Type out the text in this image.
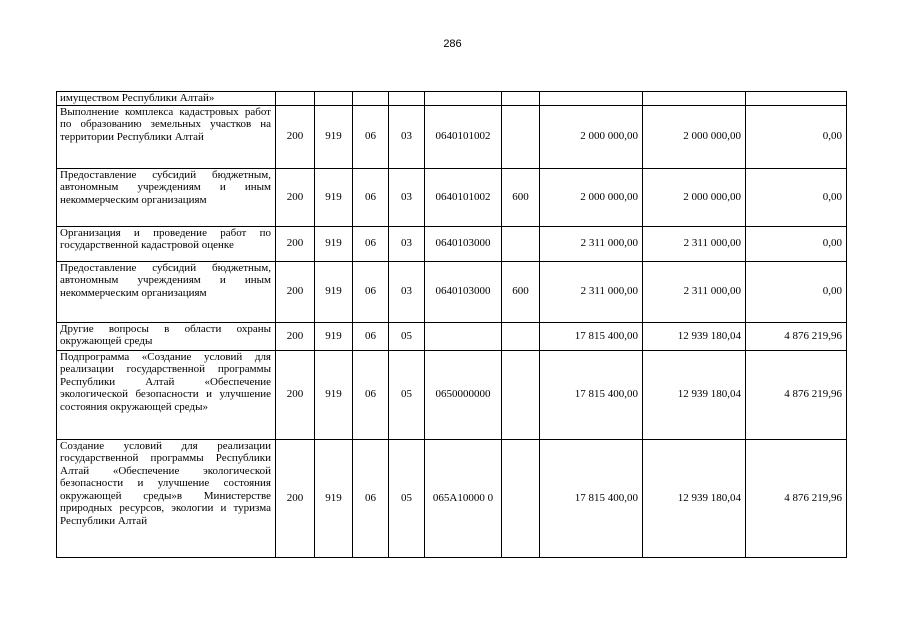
286
имуществом Республики Алтай»									
Выполнение комплекса кадастровых работ по образованию земельных участков на территории Республики Алтай	200	919	06	03	0640101002		2 000 000,00	2 000 000,00	0,00
Предоставление субсидий бюджетным, автономным учреждениям и иным некоммерческим организациям	200	919	06	03	0640101002	600	2 000 000,00	2 000 000,00	0,00
Организация и проведение работ по государственной кадастровой оценке	200	919	06	03	0640103000		2 311 000,00	2 311 000,00	0,00
Предоставление субсидий бюджетным, автономным учреждениям и иным некоммерческим организациям	200	919	06	03	0640103000	600	2 311 000,00	2 311 000,00	0,00
Другие вопросы в области охраны окружающей среды	200	919	06	05			17 815 400,00	12 939 180,04	4 876 219,96
Подпрограмма «Создание условий для реализации государственной программы Республики Алтай «Обеспечение экологической безопасности и улучшение состояния окружающей среды»	200	919	06	05	0650000000		17 815 400,00	12 939 180,04	4 876 219,96
Создание условий для реализации государственной программы Республики Алтай «Обеспечение экологической безопасности и улучшение состояния окружающей среды»в Министерстве природных ресурсов, экологии и туризма Республики Алтай	200	919	06	05	065А10000 0		17 815 400,00	12 939 180,04	4 876 219,96
